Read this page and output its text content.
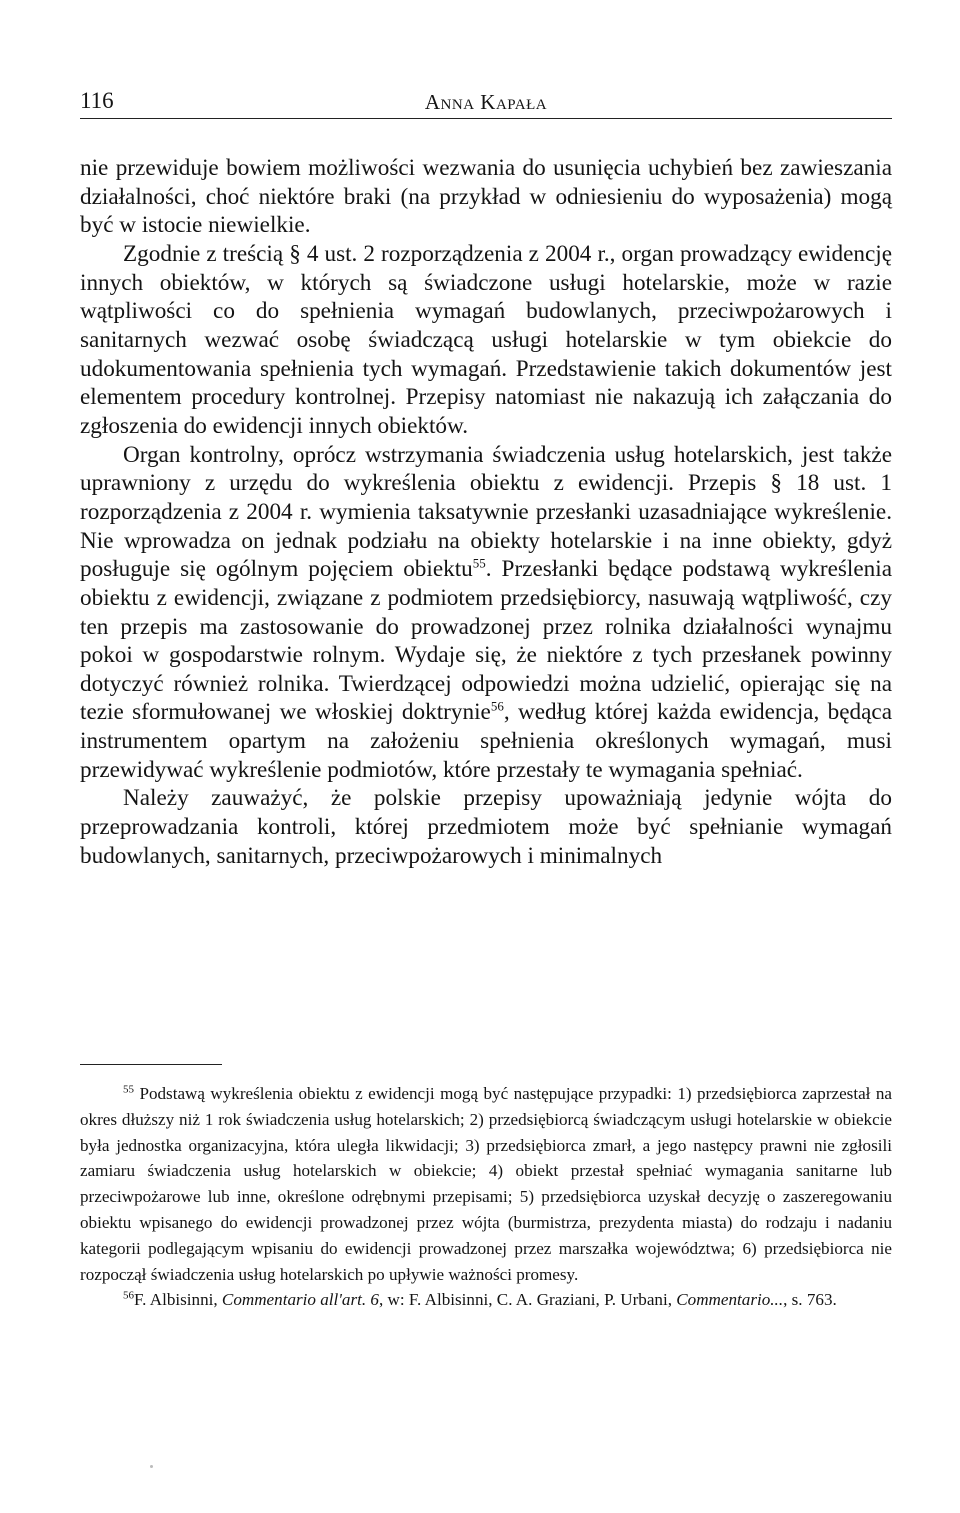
116	ANNA KAPAŁA

nie przewiduje bowiem możliwości wezwania do usunięcia uchybień bez zawieszania działalności, choć niektóre braki (na przykład w odniesieniu do wyposażenia) mogą być w istocie niewielkie.

Zgodnie z treścią § 4 ust. 2 rozporządzenia z 2004 r., organ prowadzący ewidencję innych obiektów, w których są świadczone usługi hotelarskie, może w razie wątpliwości co do spełnienia wymagań budowlanych, przeciwpożarowych i sanitarnych wezwać osobę świadczącą usługi hotelarskie w tym obiekcie do udokumentowania spełnienia tych wymagań. Przedstawienie takich dokumentów jest elementem procedury kontrolnej. Przepisy natomiast nie nakazują ich załączania do zgłoszenia do ewidencji innych obiektów.

Organ kontrolny, oprócz wstrzymania świadczenia usług hotelarskich, jest także uprawniony z urzędu do wykreślenia obiektu z ewidencji. Przepis § 18 ust. 1 rozporządzenia z 2004 r. wymienia taksatywnie przesłanki uzasadniające wykreślenie. Nie wprowadza on jednak podziału na obiekty hotelarskie i na inne obiekty, gdyż posługuje się ogólnym pojęciem obiektu$^{55}$. Przesłanki będące podstawą wykreślenia obiektu z ewidencji, związane z podmiotem przedsiębiorcy, nasuwają wątpliwość, czy ten przepis ma zastosowanie do prowadzonej przez rolnika działalności wynajmu pokoi w gospodarstwie rolnym. Wydaje się, że niektóre z tych przesłanek powinny dotyczyć również rolnika. Twierdzącej odpowiedzi można udzielić, opierając się na tezie sformułowanej we włoskiej doktrynie$^{56}$, według której każda ewidencja, będąca instrumentem opartym na założeniu spełnienia określonych wymagań, musi przewidywać wykreślenie podmiotów, które przestały te wymagania spełniać.

Należy zauważyć, że polskie przepisy upoważniają jedynie wójta do przeprowadzania kontroli, której przedmiotem może być spełnianie wymagań budowlanych, sanitarnych, przeciwpożarowych i minimalnych

$^{55}$ Podstawą wykreślenia obiektu z ewidencji mogą być następujące przypadki: 1) przedsiębiorca zaprzestał na okres dłuższy niż 1 rok świadczenia usług hotelarskich; 2) przedsiębiorcą świadczącym usługi hotelarskie w obiekcie była jednostka organizacyjna, która uległa likwidacji; 3) przedsiębiorca zmarł, a jego następcy prawni nie zgłosili zamiaru świadczenia usług hotelarskich w obiekcie; 4) obiekt przestał spełniać wymagania sanitarne lub przeciwpożarowe lub inne, określone odrębnymi przepisami; 5) przedsiębiorca uzyskał decyzję o zaszeregowaniu obiektu wpisanego do ewidencji prowadzonej przez wójta (burmistrza, prezydenta miasta) do rodzaju i nadaniu kategorii podlegającym wpisaniu do ewidencji prowadzonej przez marszałka województwa; 6) przedsiębiorca nie rozpoczął świadczenia usług hotelarskich po upływie ważności promesy.

$^{56}$F. Albisinni, Commentario all'art. 6, w: F. Albisinni, C. A. Graziani, P. Urbani, Commentario..., s. 763.
